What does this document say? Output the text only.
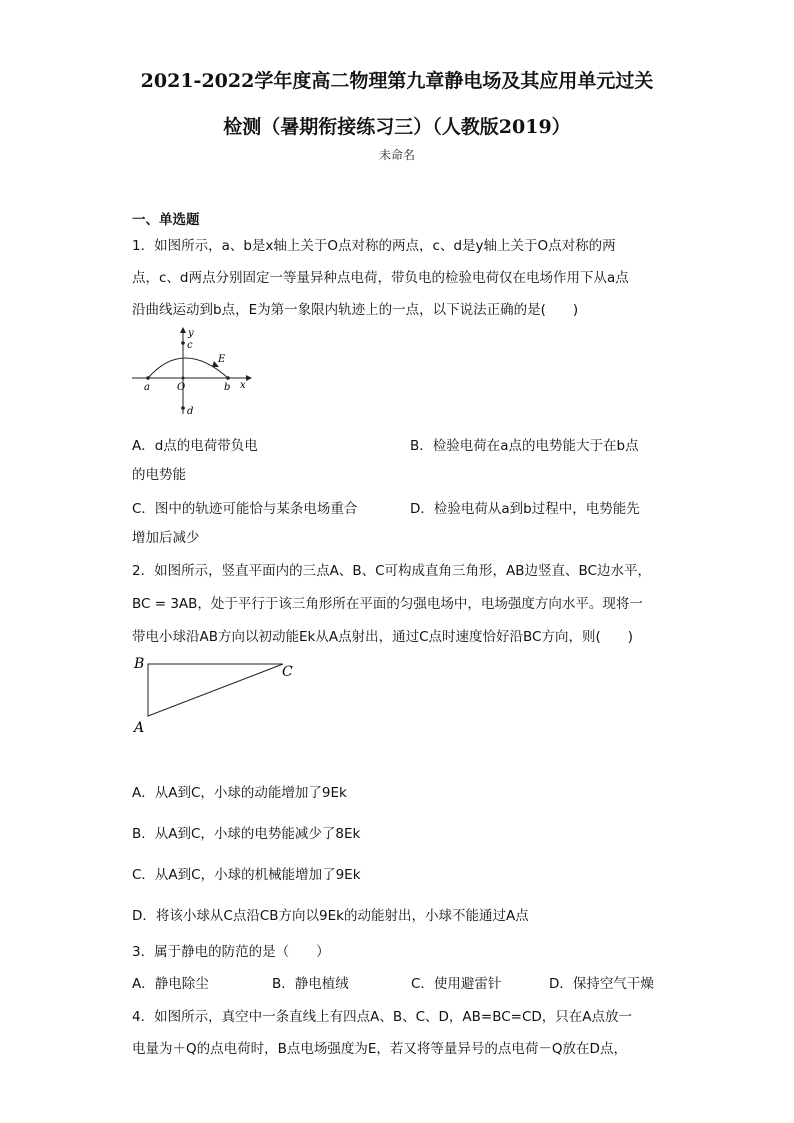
2021-2022学年度高二物理第九章静电场及其应用单元过关
检测（暑期衔接练习三）（人教版2019）
未命名
一、单选题
1．如图所示，a、b是x轴上关于O点对称的两点，c、d是y轴上关于O点对称的两
点，c、d两点分别固定一等量异种点电荷，带负电的检验电荷仅在电场作用下从a点
沿曲线运动到b点，E为第一象限内轨迹上的一点，以下说法正确的是(　　)
y
c
E
a	O	b x
d
A．d点的电荷带负电	B．检验电荷在a点的电势能大于在b点
的电势能
C．图中的轨迹可能恰与某条电场重合	D．检验电荷从a到b过程中，电势能先
增加后减少
2．如图所示，竖直平面内的三点A、B、C可构成直角三角形，AB边竖直、BC边水平，
BC = 3AB，处于平行于该三角形所在平面的匀强电场中，电场强度方向水平。现将一
带电小球沿AB方向以初动能Ek从A点射出，通过C点时速度恰好沿BC方向，则(　　)
B	C
A
A．从A到C，小球的动能增加了9Ek
B．从A到C，小球的电势能减少了8Ek
C．从A到C，小球的机械能增加了9Ek
D．将该小球从C点沿CB方向以9Ek的动能射出，小球不能通过A点
3．属于静电的防范的是（　　）
A．静电除尘	B．静电植绒	C．使用避雷针	D．保持空气干燥
4．如图所示，真空中一条直线上有四点A、B、C、D，AB=BC=CD，只在A点放一
电量为＋Q的点电荷时，B点电场强度为E，若又将等量异号的点电荷－Q放在D点，
